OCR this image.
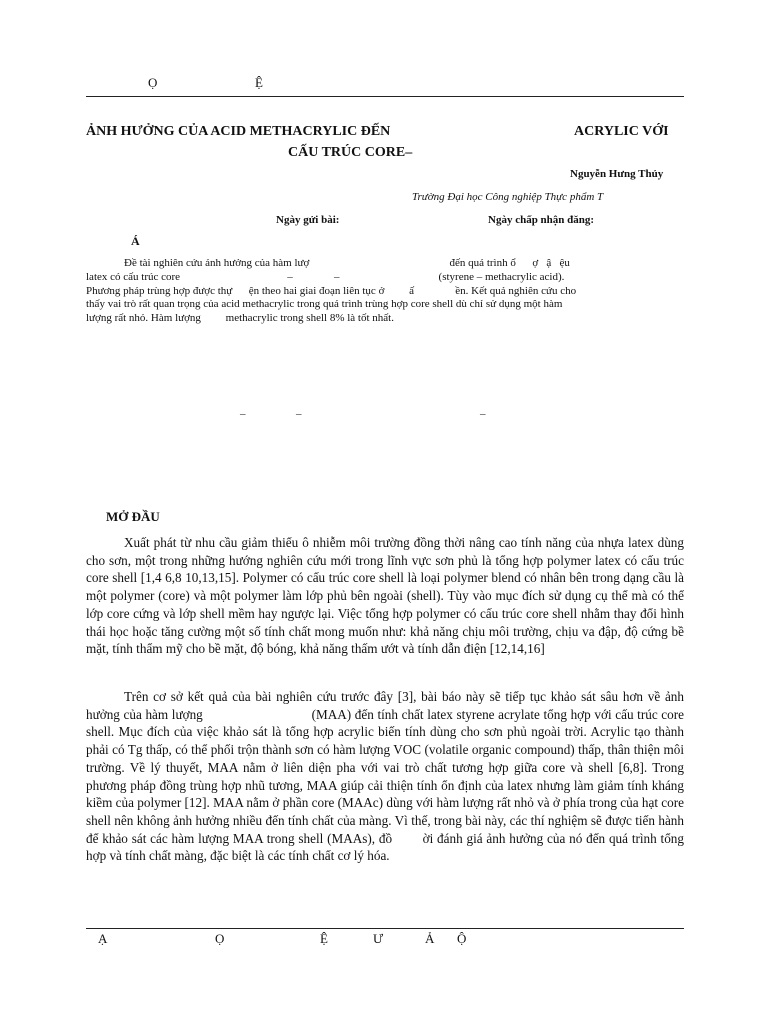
Ọ	Ệ
ẢNH HƯỞNG CỦA ACID METHACRYLIC ĐẾN	ACRYLIC VỚI
CẤU TRÚC CORE–
Nguyễn Hưng Thủy
Trường Đại học Công nghiệp Thực phẩm T
Ngày gửi bài:	Ngày chấp nhận đăng:
Á
Đề tài nghiên cứu ảnh hưởng của hàm lượ                                                   đến quá trình ổ      ợ   ậ   ệu
latex có cấu trúc core                                       –               –                                    (styrene – methacrylic acid).
Phương pháp trùng hợp được thự      ện theo hai giai đoạn liên tục ở         ấ               ền. Kết quả nghiên cứu cho
thấy vai trò rất quan trọng của acid methacrylic trong quá trình trùng hợp core shell dù chỉ sử dụng một hàm
lượng rất nhỏ. Hàm lượng         methacrylic trong shell 8% là tốt nhất.
–	–	–
MỞ ĐẦU

Xuất phát từ nhu cầu giảm thiểu ô nhiễm môi trường đồng thời nâng cao tính năng của nhựa latex dùng cho sơn, một trong những hướng nghiên cứu mới trong lĩnh vực sơn phủ là tổng hợp polymer latex có cấu trúc core shell [1,4 6,8 10,13,15]. Polymer có cấu trúc core shell là loại polymer blend có nhân bên trong dạng cầu là một polymer (core) và một polymer làm lớp phủ bên ngoài (shell). Tùy vào mục đích sử dụng cụ thể mà có thể lớp core cứng và lớp shell mềm hay ngược lại. Việc tổng hợp polymer có cấu trúc core shell nhằm thay đổi hình thái học hoặc tăng cường một số tính chất mong muốn như: khả năng chịu môi trường, chịu va đập, độ cứng bề mặt, tính thẩm mỹ cho bề mặt, độ bóng, khả năng thấm ướt và tính dẫn điện [12,14,16]

Trên cơ sở kết quả của bài nghiên cứu trước đây [3], bài báo này sẽ tiếp tục khảo sát sâu hơn về ảnh hưởng của hàm lượng                              (MAA) đến tính chất latex styrene acrylate tổng hợp với cấu trúc core shell. Mục đích của việc khảo sát là tổng hợp acrylic biến tính dùng cho sơn phủ ngoài trời. Acrylic tạo thành phải có Tg thấp, có thể phối trộn thành sơn có hàm lượng VOC (volatile organic compound) thấp, thân thiện môi trường. Về lý thuyết, MAA nằm ở liên diện pha với vai trò chất tương hợp giữa core và shell [6,8]. Trong phương pháp đồng trùng hợp nhũ tương, MAA giúp cải thiện tính ổn định của latex nhưng làm giảm tính kháng kiềm của polymer [12]. MAA nằm ở phần core (MAAc) dùng với hàm lượng rất nhỏ và ở phía trong của hạt core shell nên không ảnh hưởng nhiều đến tính chất của màng. Vì thế, trong bài này, các thí nghiệm sẽ được tiến hành để khảo sát các hàm lượng MAA trong shell (MAAs), đồ        ời đánh giá ảnh hưởng của nó đến quá trình tổng hợp và tính chất màng, đặc biệt là các tính chất cơ lý hóa.

Ạ	Ọ	Ệ	Ư	Ả Ộ
